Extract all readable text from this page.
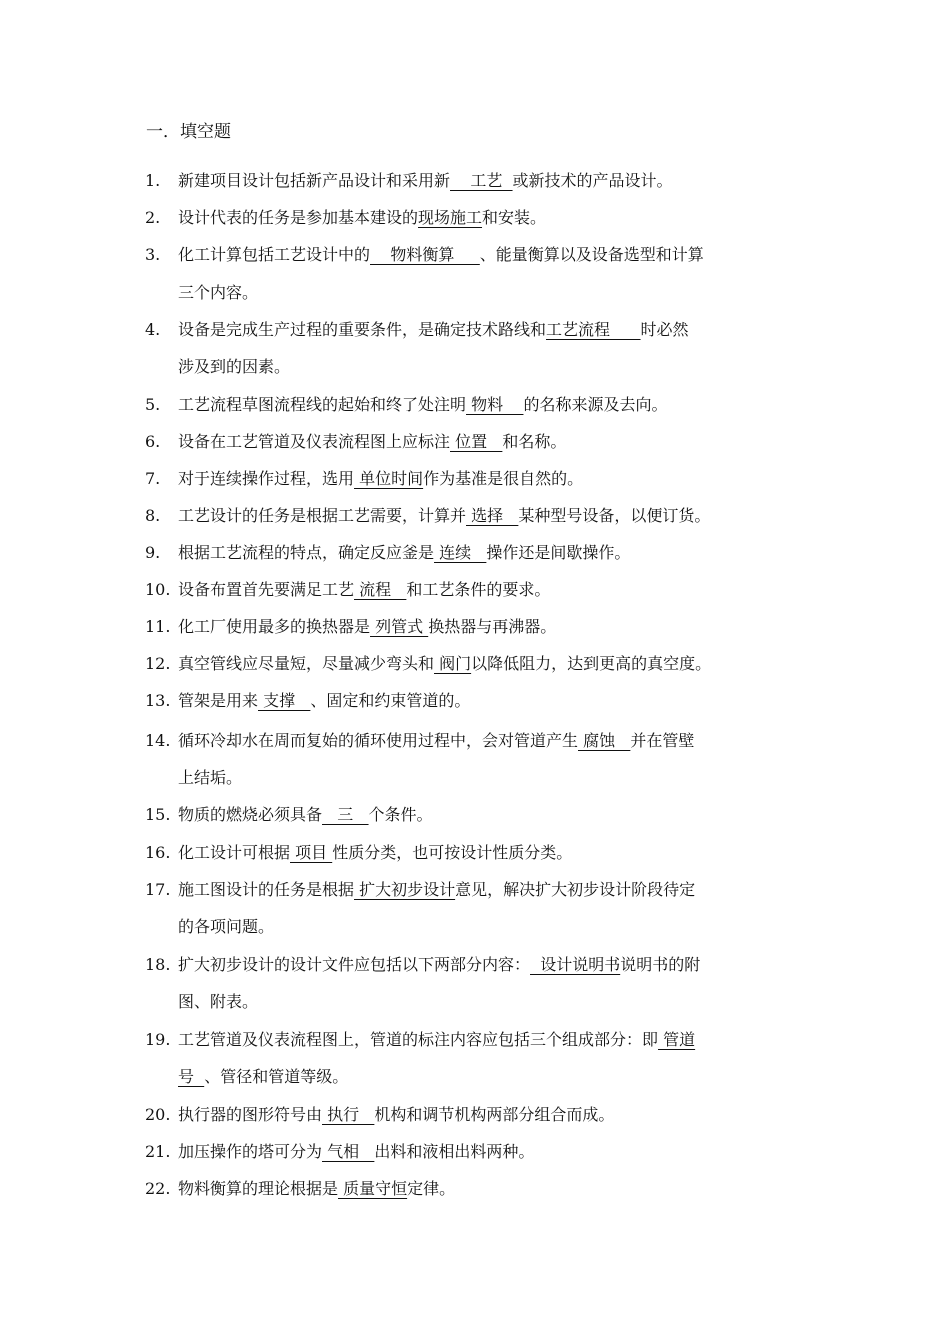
一．填空题
1. 新建项目设计包括新产品设计和采用新    工艺  或新技术的产品设计。
2. 设计代表的任务是参加基本建设的现场施工和安装。
3. 化工计算包括工艺设计中的    物料衡算     、能量衡算以及设备选型和计算
三个内容。
4. 设备是完成生产过程的重要条件，是确定技术路线和工艺流程      时必然
涉及到的因素。
5. 工艺流程草图流程线的起始和终了处注明 物料    的名称来源及去向。
6. 设备在工艺管道及仪表流程图上应标注 位置   和名称。
7. 对于连续操作过程，选用 单位时间作为基准是很自然的。
8. 工艺设计的任务是根据工艺需要，计算并 选择   某种型号设备，以便订货。
9. 根据工艺流程的特点，确定反应釜是 连续   操作还是间歇操作。
10. 设备布置首先要满足工艺 流程   和工艺条件的要求。
11. 化工厂使用最多的换热器是 列管式 换热器与再沸器。
12. 真空管线应尽量短，尽量减少弯头和 阀门以降低阻力，达到更高的真空度。
13. 管架是用来 支撑   、固定和约束管道的。
14. 循环冷却水在周而复始的循环使用过程中，会对管道产生 腐蚀   并在管壁
上结垢。
15. 物质的燃烧必须具备   三   个条件。
16. 化工设计可根据 项目 性质分类，也可按设计性质分类。
17. 施工图设计的任务是根据 扩大初步设计意见，解决扩大初步设计阶段待定
的各项问题。
18. 扩大初步设计的设计文件应包括以下两部分内容：  设计说明书说明书的附
图、附表。
19. 工艺管道及仪表流程图上，管道的标注内容应包括三个组成部分：即 管道
号  、管径和管道等级。
20. 执行器的图形符号由 执行   机构和调节机构两部分组合而成。
21. 加压操作的塔可分为 气相   出料和液相出料两种。
22. 物料衡算的理论根据是 质量守恒定律。
